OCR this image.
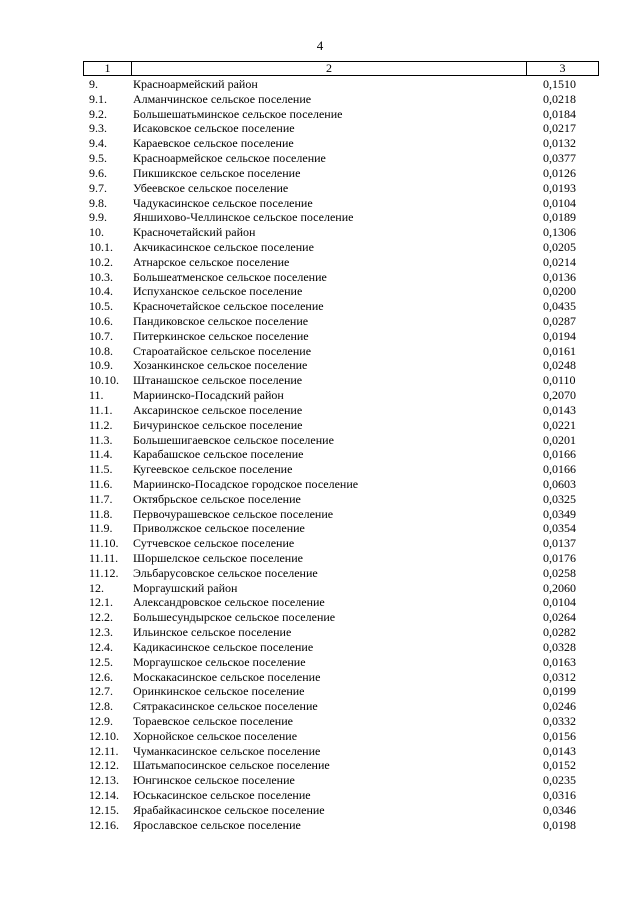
4
1	2	3
9.	Красноармейский район	0,1510
9.1.	Алманчинское сельское поселение	0,0218
9.2.	Большешатьминское сельское поселение	0,0184
9.3.	Исаковское сельское поселение	0,0217
9.4.	Караевское сельское поселение	0,0132
9.5.	Красноармейское сельское поселение	0,0377
9.6.	Пикшикское сельское поселение	0,0126
9.7.	Убеевское сельское поселение	0,0193
9.8.	Чадукасинское сельское поселение	0,0104
9.9.	Яншихово-Челлинское сельское поселение	0,0189
10.	Красночетайский район	0,1306
10.1.	Акчикасинское сельское поселение	0,0205
10.2.	Атнарское сельское поселение	0,0214
10.3.	Большеатменское сельское поселение	0,0136
10.4.	Испуханское сельское поселение	0,0200
10.5.	Красночетайское сельское поселение	0,0435
10.6.	Пандиковское сельское поселение	0,0287
10.7.	Питеркинское сельское поселение	0,0194
10.8.	Староатайское сельское поселение	0,0161
10.9.	Хозанкинское сельское поселение	0,0248
10.10.	Штанашское сельское поселение	0,0110
11.	Мариинско-Посадский район	0,2070
11.1.	Аксаринское сельское поселение	0,0143
11.2.	Бичуринское сельское поселение	0,0221
11.3.	Большешигаевское сельское поселение	0,0201
11.4.	Карабашское сельское поселение	0,0166
11.5.	Кугеевское сельское поселение	0,0166
11.6.	Мариинско-Посадское городское поселение	0,0603
11.7.	Октябрьское сельское поселение	0,0325
11.8.	Первочурашевское сельское поселение	0,0349
11.9.	Приволжское сельское поселение	0,0354
11.10.	Сутчевское сельское поселение	0,0137
11.11.	Шоршелское сельское поселение	0,0176
11.12.	Эльбарусовское сельское поселение	0,0258
12.	Моргаушский район	0,2060
12.1.	Александровское сельское поселение	0,0104
12.2.	Большесундырское сельское поселение	0,0264
12.3.	Ильинское сельское поселение	0,0282
12.4.	Кадикасинское сельское поселение	0,0328
12.5.	Моргаушское сельское поселение	0,0163
12.6.	Москакасинское сельское поселение	0,0312
12.7.	Оринкинское сельское поселение	0,0199
12.8.	Сятракасинское сельское поселение	0,0246
12.9.	Тораевское сельское поселение	0,0332
12.10.	Хорнойское сельское поселение	0,0156
12.11.	Чуманкасинское сельское поселение	0,0143
12.12.	Шатьмапосинское сельское поселение	0,0152
12.13.	Юнгинское сельское поселение	0,0235
12.14.	Юськасинское сельское поселение	0,0316
12.15.	Ярабайкасинское сельское поселение	0,0346
12.16.	Ярославское сельское поселение	0,0198
